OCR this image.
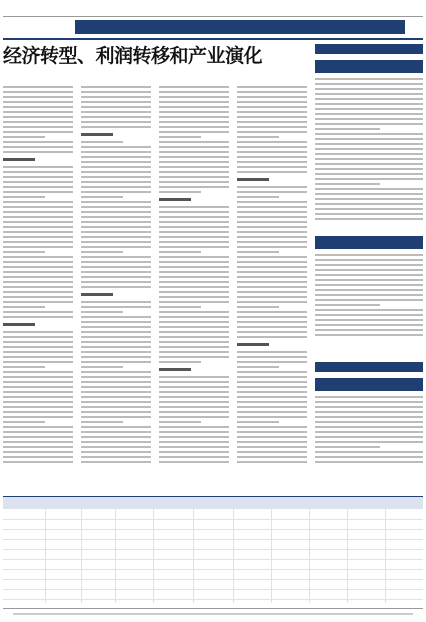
经济转型、利润转移和产业演化
